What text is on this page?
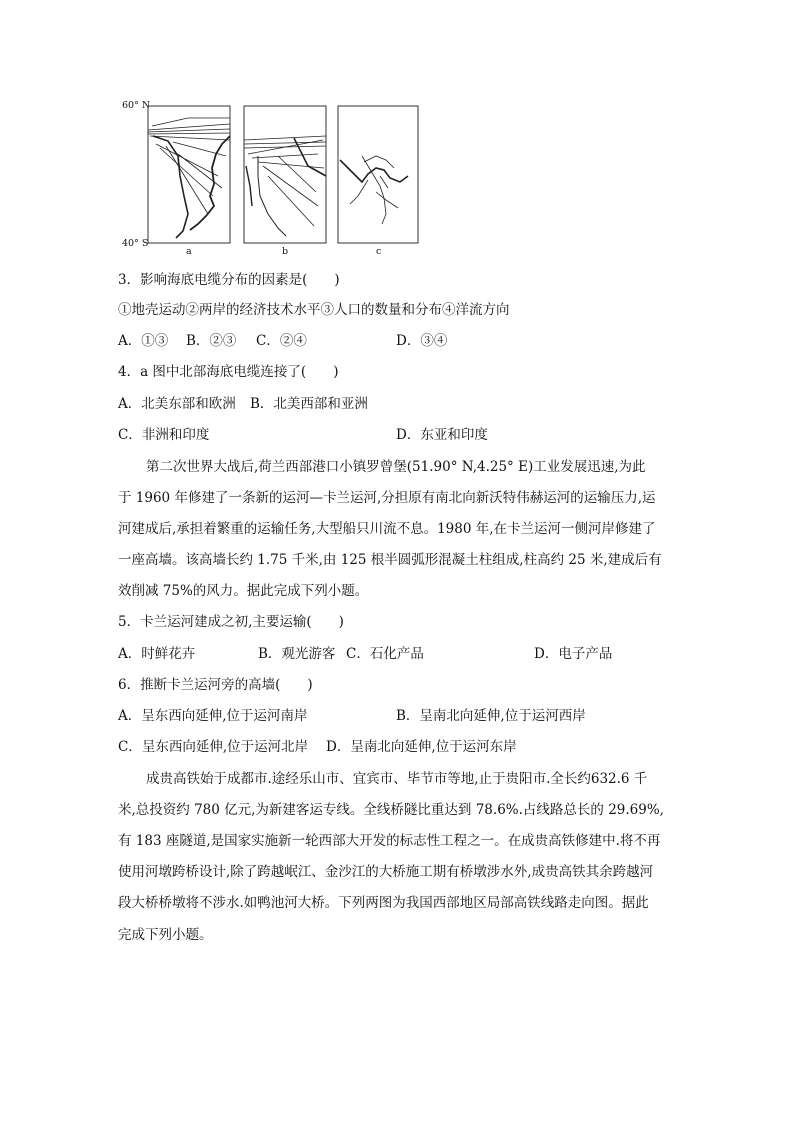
60° N
40° S
a	b	c
3．影响海底电缆分布的因素是(　　)
①地壳运动②两岸的经济技术水平③人口的数量和分布④洋流方向
A．①③ B．②③ C．②④	D．③④
4．a 图中北部海底电缆连接了(　　)
A．北美东部和欧洲 B．北美西部和亚洲
C．非洲和印度	D．东亚和印度
第二次世界大战后,荷兰西部港口小镇罗曾堡(51.90° N,4.25° E)工业发展迅速,为此
于 1960 年修建了一条新的运河—卡兰运河,分担原有南北向新沃特伟赫运河的运输压力,运
河建成后,承担着繁重的运输任务,大型船只川流不息。1980 年,在卡兰运河一侧河岸修建了
一座高墙。该高墙长约 1.75 千米,由 125 根半圆弧形混凝土柱组成,柱高约 25 米,建成后有
效削减 75%的风力。据此完成下列小题。
5．卡兰运河建成之初,主要运输(　　)
A．时鲜花卉	B．观光游客 C．石化产品	D．电子产品
6．推断卡兰运河旁的高墙(　　)
A．呈东西向延伸,位于运河南岸	B．呈南北向延伸,位于运河西岸
C．呈东西向延伸,位于运河北岸 D．呈南北向延伸,位于运河东岸
成贵高铁始于成都市.途经乐山市、宜宾市、毕节市等地,止于贵阳市.全长约632.6 千
米,总投资约 780 亿元,为新建客运专线。全线桥隧比重达到 78.6%.占线路总长的 29.69%,
有 183 座隧道,是国家实施新一轮西部大开发的标志性工程之一。在成贵高铁修建中.将不再
使用河墩跨桥设计,除了跨越岷江、金沙江的大桥施工期有桥墩涉水外,成贵高铁其余跨越河
段大桥桥墩将不涉水.如鸭池河大桥。下列两图为我国西部地区局部高铁线路走向图。据此
完成下列小题。
